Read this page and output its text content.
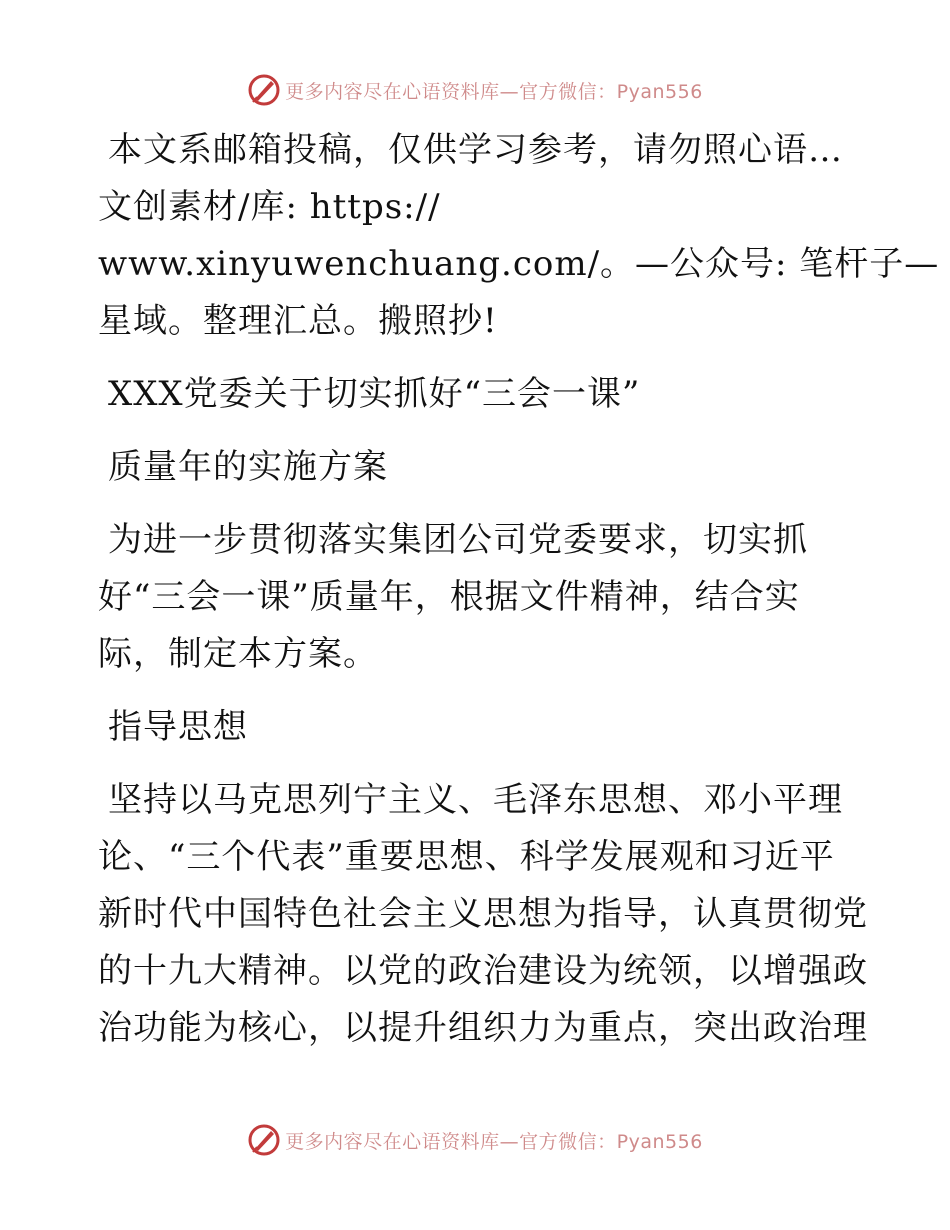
更多内容尽在心语资料库—官方微信：Pyan556
本文系邮箱投稿，仅供学习参考，请勿照心语…
文创素材/库: https://
www.xinyuwenchuang.com/。—公众号: 笔杆子—
星域。整理汇总。搬照抄!
XXX党委关于切实抓好“三会一课”
质量年的实施方案
为进一步贯彻落实集团公司党委要求，切实抓
好“三会一课”质量年，根据文件精神，结合实
际，制定本方案。
指导思想
坚持以马克思列宁主义、毛泽东思想、邓小平理
论、“三个代表”重要思想、科学发展观和习近平
新时代中国特色社会主义思想为指导，认真贯彻党
的十九大精神。以党的政治建设为统领，以增强政
治功能为核心，以提升组织力为重点，突出政治理
更多内容尽在心语资料库—官方微信：Pyan556
